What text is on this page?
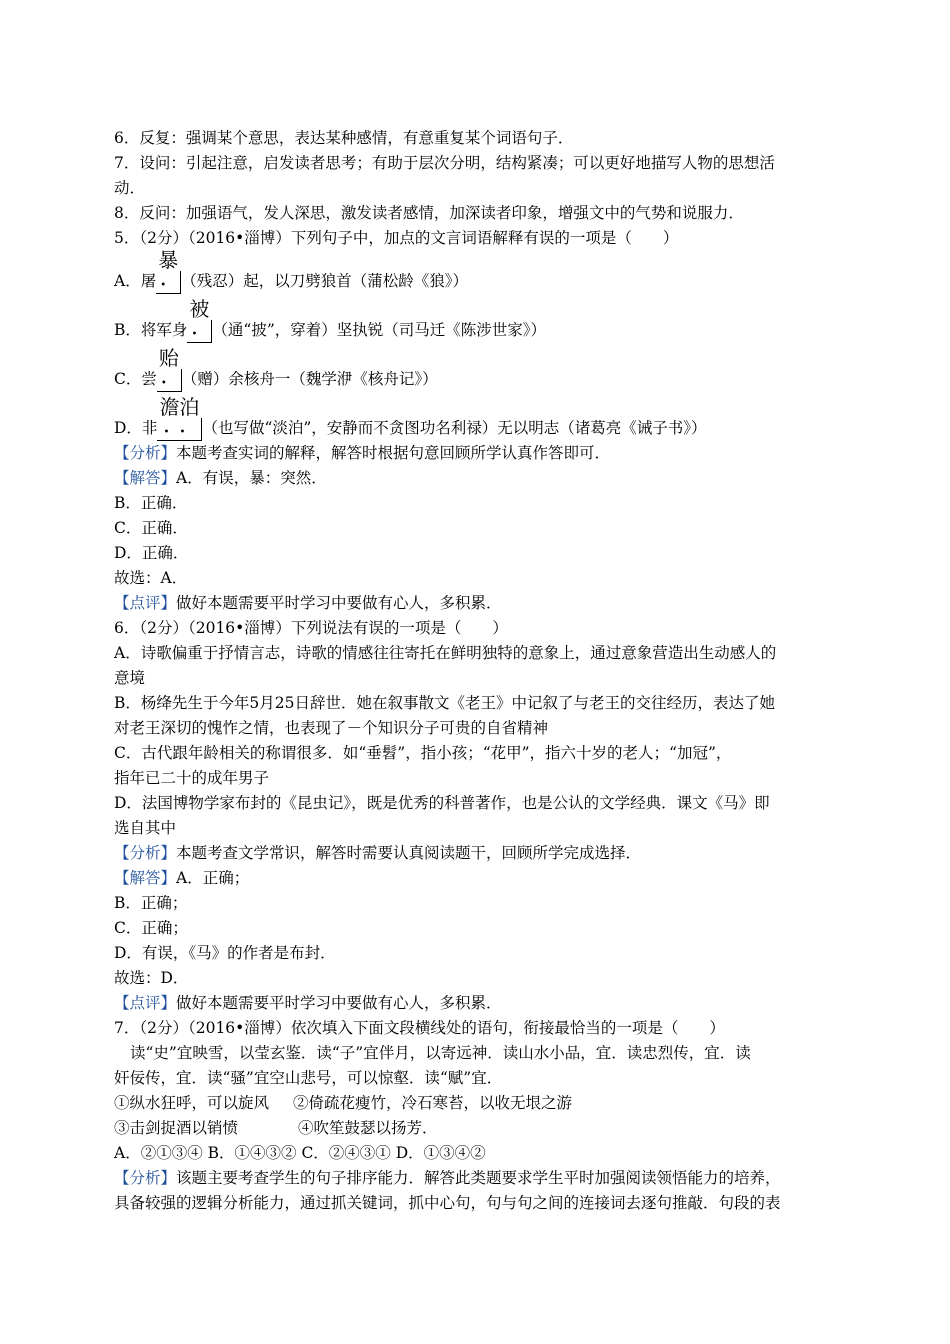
6．反复：强调某个意思，表达某种感情，有意重复某个词语句子．
7．设问：引起注意，启发读者思考；有助于层次分明，结构紧凑；可以更好地描写人物的思想活
动．
8．反问：加强语气，发人深思，激发读者感情，加深读者印象，增强文中的气势和说服力．
5．（2分）（2016•淄博）下列句子中，加点的文言词语解释有误的一项是（　　）
A．屠
暴
• （残忍）起，以刀劈狼首（蒲松龄《狼》）
B．将军身
被
• （通“披”，穿着）坚执锐（司马迁《陈涉世家》）
C．尝
贻
• （赠）余核舟一（魏学洢《核舟记》）
D．非
澹泊
•• （也写做“淡泊”，安静而不贪图功名利禄）无以明志（诸葛亮《诫子书》）
【分析】本题考查实词的解释，解答时根据句意回顾所学认真作答即可．
【解答】A．有误，暴：突然．
B．正确．
C．正确．
D．正确．
故选：A．
【点评】做好本题需要平时学习中要做有心人，多积累．
6．（2分）（2016•淄博）下列说法有误的一项是（　　）
A．诗歌偏重于抒情言志，诗歌的情感往往寄托在鲜明独特的意象上，通过意象营造出生动感人的
意境
B．杨绛先生于今年5月25日辞世．她在叙事散文《老王》中记叙了与老王的交往经历，表达了她
对老王深切的愧怍之情，也表现了－个知识分子可贵的自省精神
C．古代跟年龄相关的称谓很多．如“垂髫”，指小孩；“花甲”，指六十岁的老人；“加冠”，
指年已二十的成年男子
D．法国博物学家布封的《昆虫记》，既是优秀的科普著作，也是公认的文学经典．课文《马》即
选自其中
【分析】本题考查文学常识，解答时需要认真阅读题干，回顾所学完成选择．
【解答】A．正确；
B．正确；
C．正确；
D．有误，《马》的作者是布封．
故选：D．
【点评】做好本题需要平时学习中要做有心人，多积累．
7．（2分）（2016•淄博）依次填入下面文段横线处的语句，衔接最恰当的一项是（　　）
读“史”宜映雪，以莹玄鉴．读“子”宜伴月，以寄远神．读山水小品，宜．读忠烈传，宜．读
奸佞传，宜．读“骚”宜空山悲号，可以惊壑．读“赋”宜．
①纵水狂呼，可以旋风 ②倚疏花瘦竹，冷石寒苔，以收无垠之游
③击剑捉酒以销愤	④吹笙鼓瑟以扬芳．
A．②①③④ B．①④③② C．②④③① D．①③④②
【分析】该题主要考查学生的句子排序能力．解答此类题要求学生平时加强阅读领悟能力的培养，
具备较强的逻辑分析能力，通过抓关键词，抓中心句，句与句之间的连接词去逐句推敲．句段的表
